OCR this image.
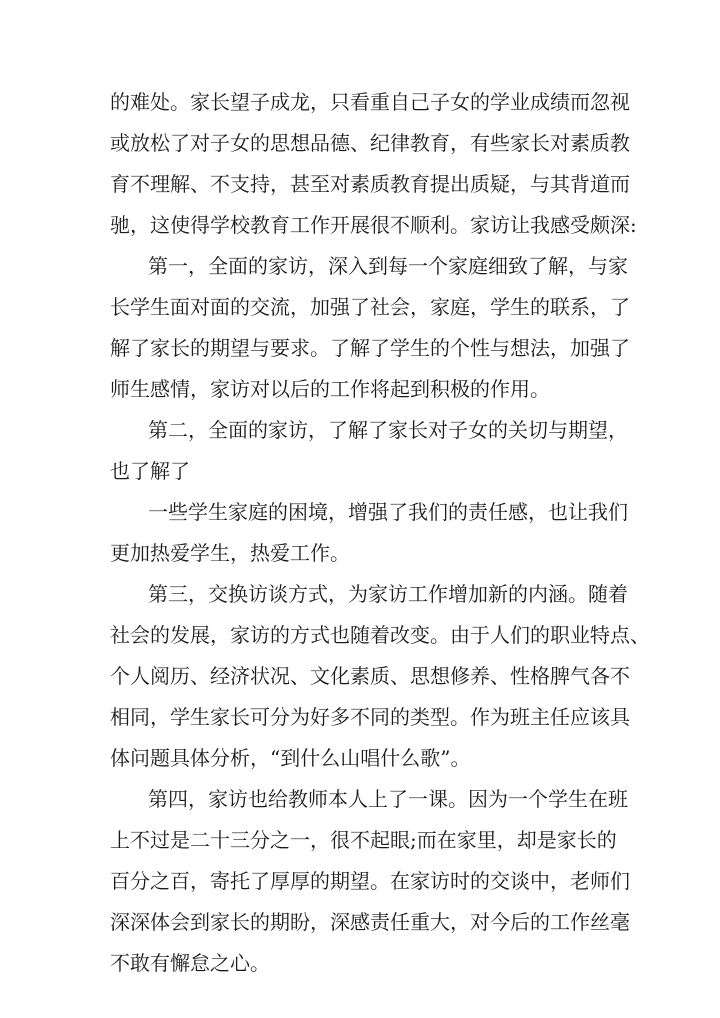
的难处。家长望子成龙，只看重自己子女的学业成绩而忽视
或放松了对子女的思想品德、纪律教育，有些家长对素质教
育不理解、不支持，甚至对素质教育提出质疑，与其背道而
驰，这使得学校教育工作开展很不顺利。家访让我感受颇深:
第一，全面的家访，深入到每一个家庭细致了解，与家
长学生面对面的交流，加强了社会，家庭，学生的联系，了
解了家长的期望与要求。了解了学生的个性与想法，加强了
师生感情，家访对以后的工作将起到积极的作用。
第二，全面的家访，了解了家长对子女的关切与期望，
也了解了
一些学生家庭的困境，增强了我们的责任感，也让我们
更加热爱学生，热爱工作。
第三，交换访谈方式，为家访工作增加新的内涵。随着
社会的发展，家访的方式也随着改变。由于人们的职业特点、
个人阅历、经济状况、文化素质、思想修养、性格脾气各不
相同，学生家长可分为好多不同的类型。作为班主任应该具
体问题具体分析，“到什么山唱什么歌”。
第四，家访也给教师本人上了一课。因为一个学生在班
上不过是二十三分之一，很不起眼;而在家里，却是家长的
百分之百，寄托了厚厚的期望。在家访时的交谈中，老师们
深深体会到家长的期盼，深感责任重大，对今后的工作丝毫
不敢有懈怠之心。
